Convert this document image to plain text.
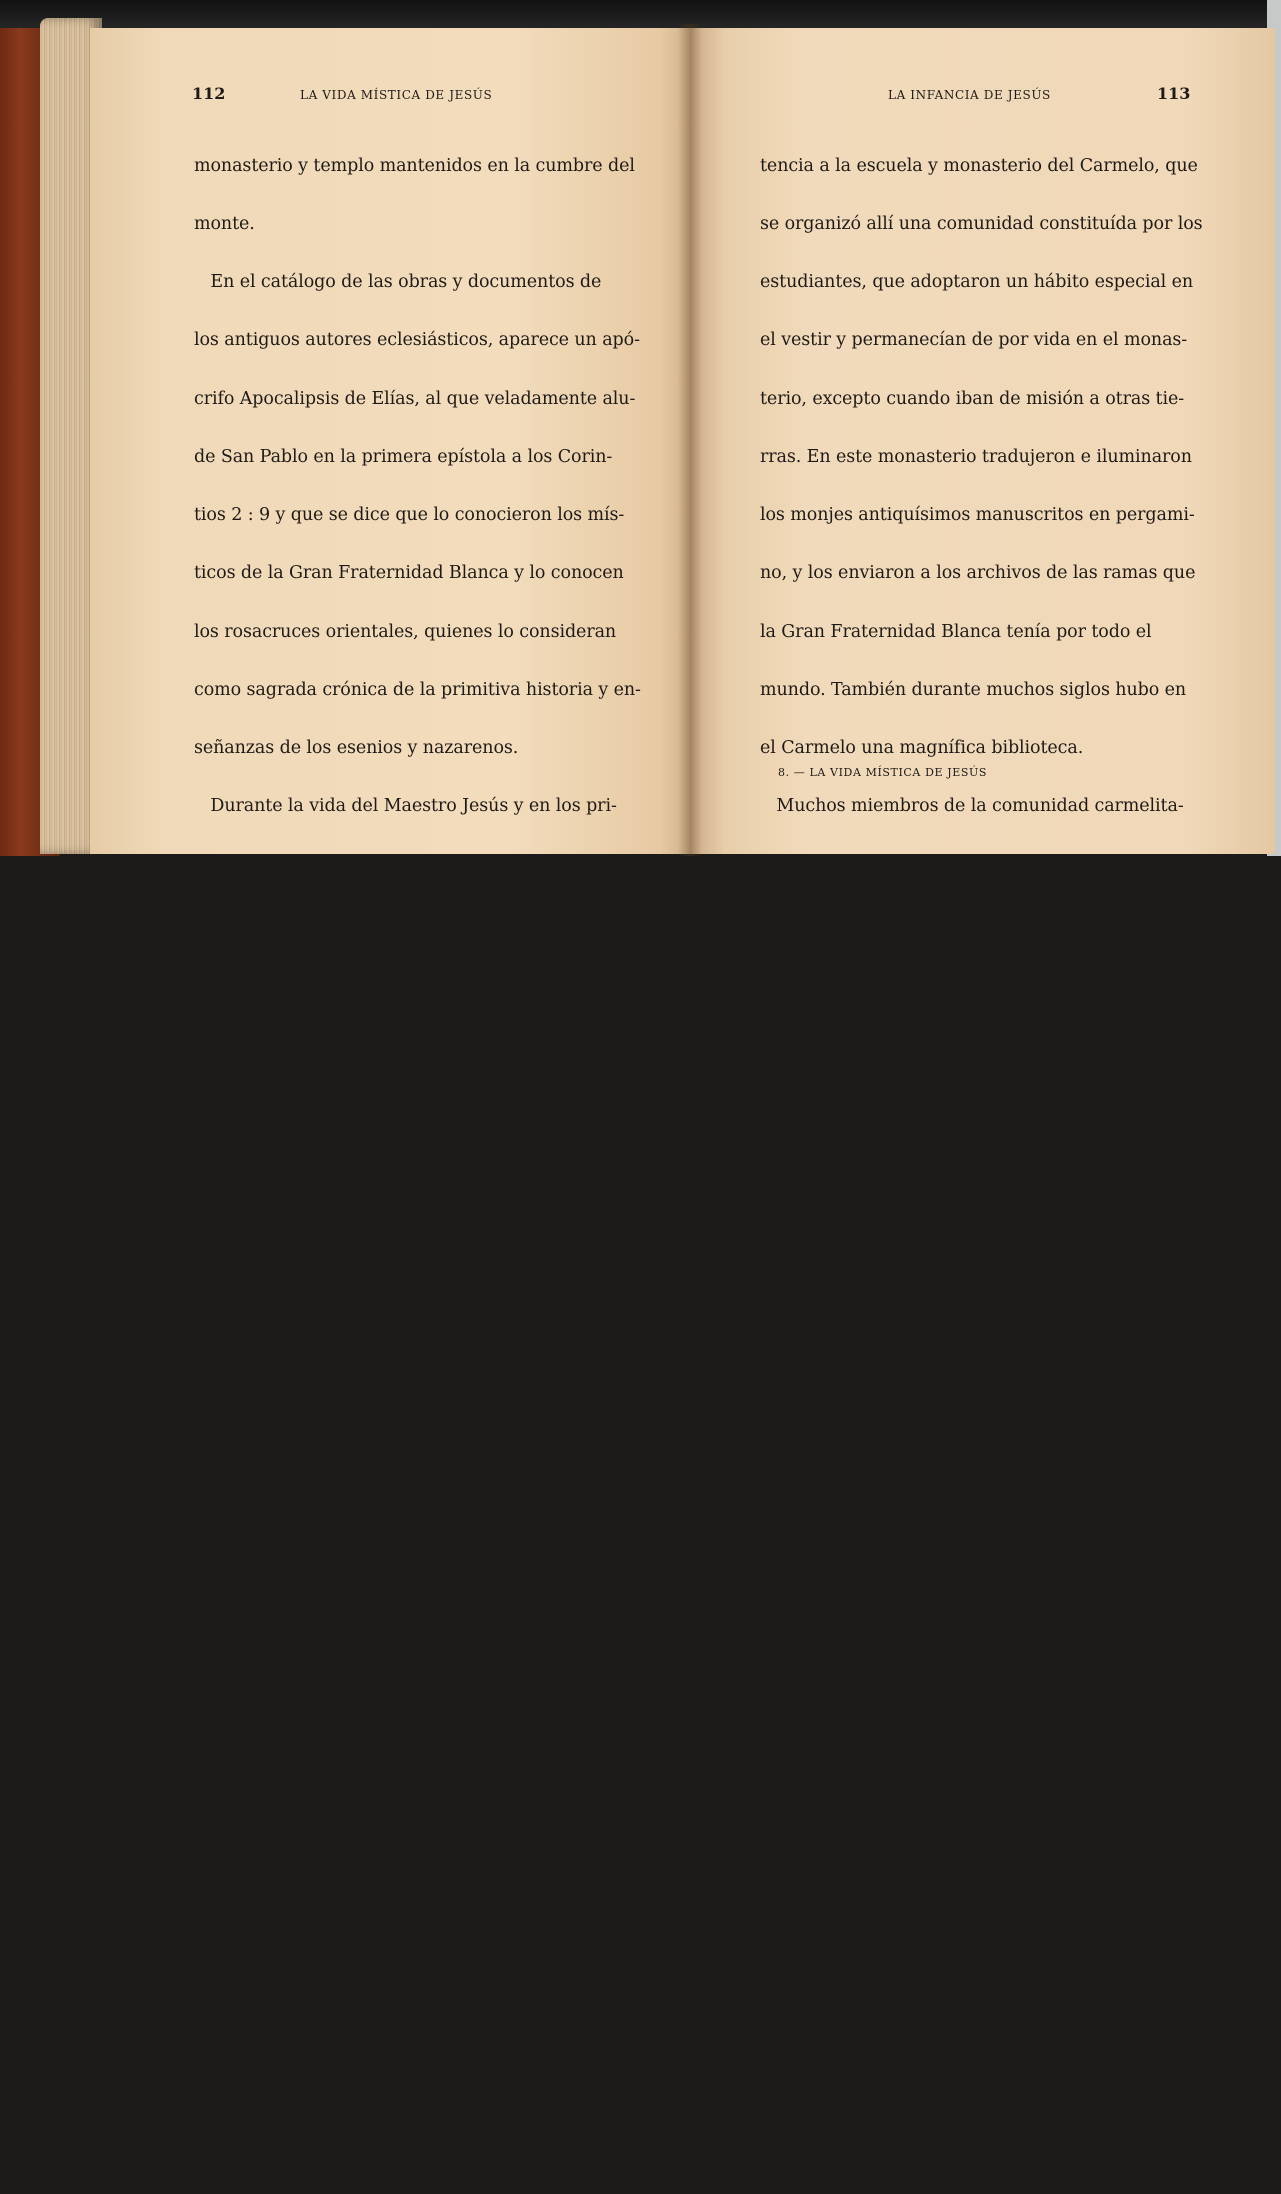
112	LA VIDA MÍSTICA DE JESÚS

monasterio y templo mantenidos en la cumbre del

monte.

En el catálogo de las obras y documentos de

los antiguos autores eclesiásticos, aparece un apó-

crifo Apocalipsis de Elías, al que veladamente alu-

de San Pablo en la primera epístola a los Corin-

tios 2 : 9 y que se dice que lo conocieron los mís-

ticos de la Gran Fraternidad Blanca y lo conocen

los rosacruces orientales, quienes lo consideran

como sagrada crónica de la primitiva historia y en-

señanzas de los esenios y nazarenos.

Durante la vida del Maestro Jesús y en los pri-

meros siglos de la iglesia cristiana, el Apocalipsis

de Elías se leía y estudiaba en las sagradas cla-

ses a que concurrían los más adelantados miem-

bros de la organización; pero lo mismo que otros

valiosos y esclarecedores documentos literarios del

primitivo período que trataban de las enseñanzas

secretas se substrajo del conocimiento público,

como si se hubiera “perdido”.

Sin embargo, en 1893, el famoso historiador

Maspero, relacionado con la Orden Rosacruz de

Egipto, encontró en un monasterio de la Frater-

nidad, del Alto Egipto, una traducción copta del

Apocalipsis de Elías, y desde entonces se han des-

cubierto otras traducciones en distintos idiomas

en los archivos de la Gran Fraternidad Blanca, y

parte de dichas traducciones se han empleado en

las recientes enseñanzas superiores de los rosa-

cruces. Del Apocalipsis de Elías y otros documen-

tos rosacruces, inferimos mucho de lo referente

al establecimiento del monasterio y escuela del

Carmelo, con la denominación de “escuela de los

profetas” o “escuela de los esenios”.

Con el tiempo llegó a ser tan numerosa la asis-

LA INFANCIA DE JESÚS	113

tencia a la escuela y monasterio del Carmelo, que

se organizó allí una comunidad constituída por los

estudiantes, que adoptaron un hábito especial en

el vestir y permanecían de por vida en el monas-

terio, excepto cuando iban de misión a otras tie-

rras. En este monasterio tradujeron e iluminaron

los monjes antiquísimos manuscritos en pergami-

no, y los enviaron a los archivos de las ramas que

la Gran Fraternidad Blanca tenía por todo el

mundo. También durante muchos siglos hubo en

el Carmelo una magnífica biblioteca.

Muchos miembros de la comunidad carmelita-

na estuvieron presentes cuando San Pedro pro-

nunció su primer sermón el día de Pentecostés y

construyeron una capilla en conmemoración de

aquel suceso. Todavía existen varios edificios his-

tóricos, como El-Khadr, la escuela de los profetas,

El-Muhraka, el tradicional paraje donde sacrifica-

ba Elías, la cueva de Elías y el monasterio.

Hacia el siglo IV de la era cristiana, el monas-

terio y escuela del Carmelo dejaron de ser el cen-

tro cultural de la Gran Fraternidad Blanca, y la

magnífica biblioteca con millares de manuscritos

y documentos se trasladó al secreto monasterio

del Tibet, en donde ahora se conservan y está ins-

talada la principal escuela de misticismo y litera-

tura sagrada, existente en el mundo.

Algunos siglos después de este traslado, se es-

tableció en el Carmelo una orden monástica cu-

yos miembros profesaban el catolicismo y, al pro-

pio tiempo, pretendían descender de la primitiva

comunidad.

Muchas discusiones se entablaron sobre el par-

ticular y prosiguieron durante algunos siglos, has-

ta que el papa Inocencio XII decidió en 1698 que

8. — LA VIDA MÍSTICA DE JESÚS
